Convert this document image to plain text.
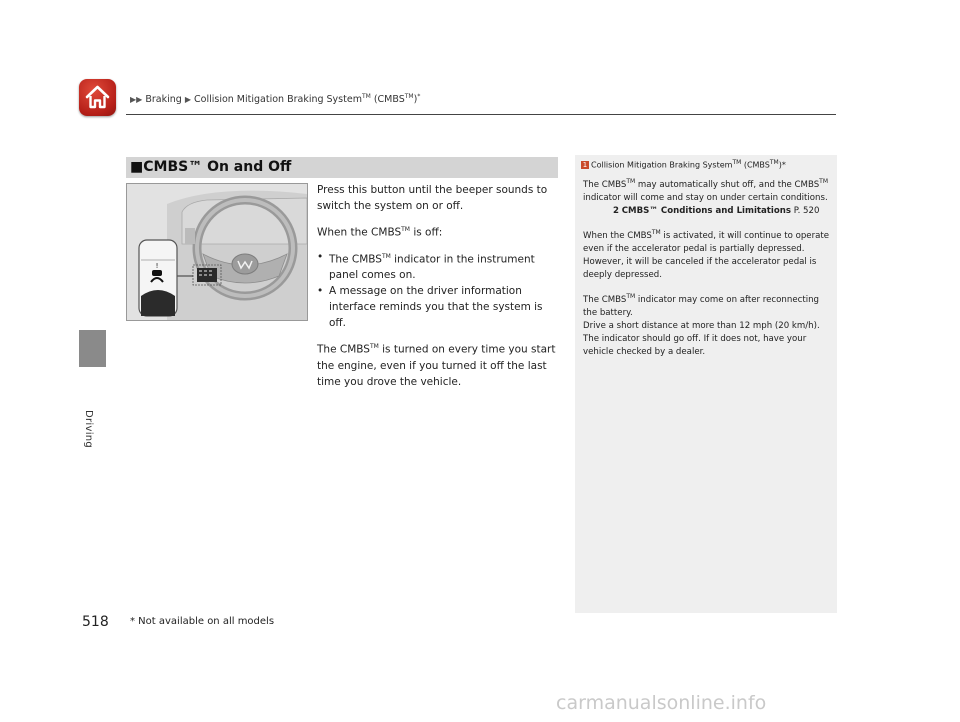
▶▶ Braking ▶ Collision Mitigation Braking System™ (CMBS™)*
Driving
■CMBS™ On and Off
!

Press this button until the beeper sounds to switch the system on or off.

When the CMBS™ is off:

• The CMBS™ indicator in the instrument panel comes on.
• A message on the driver information interface reminds you that the system is off.

The CMBS™ is turned on every time you start the engine, even if you turned it off the last time you drove the vehicle.

1 Collision Mitigation Braking System™ (CMBS™)*

The CMBS™ may automatically shut off, and the CMBS™ indicator will come and stay on under certain conditions.
2 CMBS™ Conditions and Limitations P. 520

When the CMBS™ is activated, it will continue to operate even if the accelerator pedal is partially depressed. However, it will be canceled if the accelerator pedal is deeply depressed.

The CMBS™ indicator may come on after reconnecting the battery.
Drive a short distance at more than 12 mph (20 km/h). The indicator should go off. If it does not, have your vehicle checked by a dealer.

518 * Not available on all models
carmanualsonline.info
